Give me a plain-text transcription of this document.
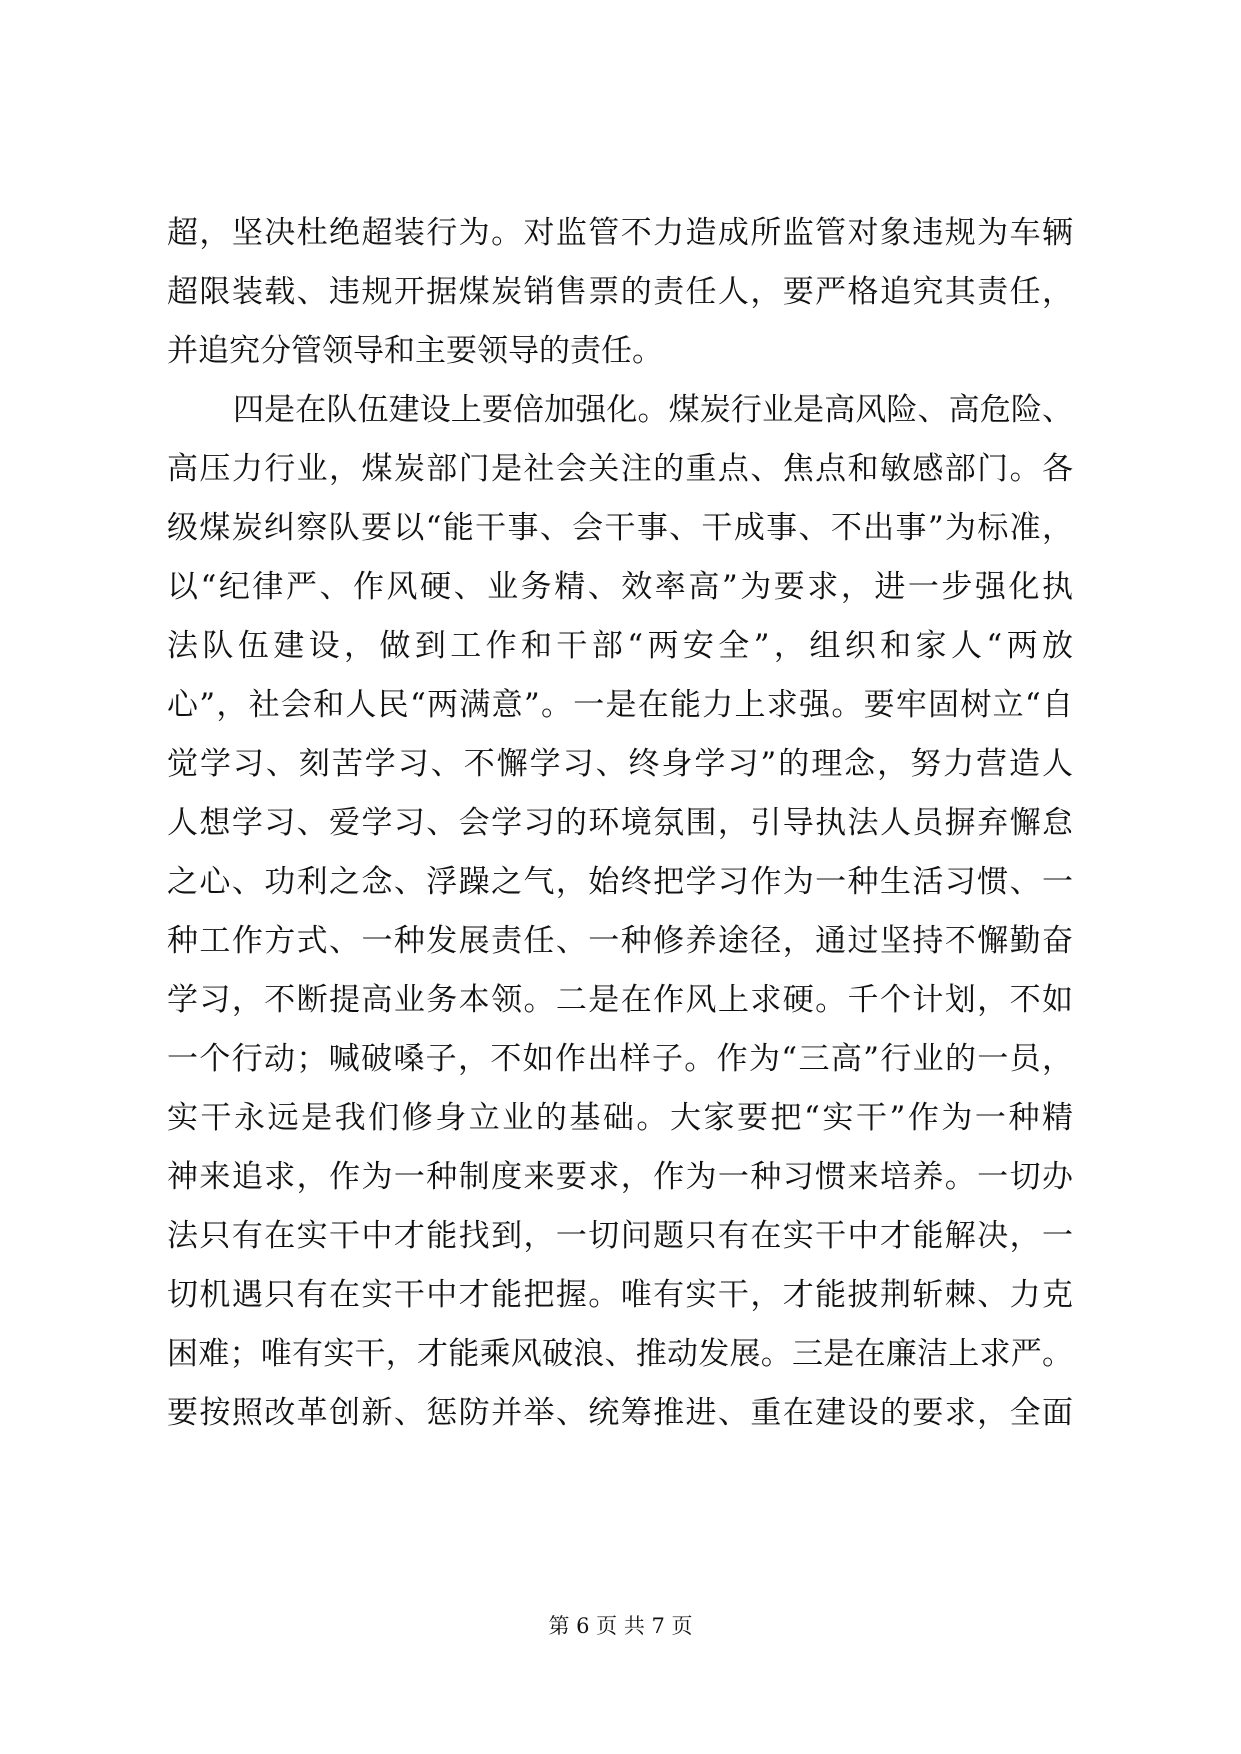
超，坚决杜绝超装行为。对监管不力造成所监管对象违规为车辆
超限装载、违规开据煤炭销售票的责任人，要严格追究其责任，
并追究分管领导和主要领导的责任。
四是在队伍建设上要倍加强化。煤炭行业是高风险、高危险、
高压力行业，煤炭部门是社会关注的重点、焦点和敏感部门。各
级煤炭纠察队要以“能干事、会干事、干成事、不出事”为标准，
以“纪律严、作风硬、业务精、效率高”为要求，进一步强化执
法队伍建设，做到工作和干部“两安全”，组织和家人“两放
心”，社会和人民“两满意”。一是在能力上求强。要牢固树立“自
觉学习、刻苦学习、不懈学习、终身学习”的理念，努力营造人
人想学习、爱学习、会学习的环境氛围，引导执法人员摒弃懈怠
之心、功利之念、浮躁之气，始终把学习作为一种生活习惯、一
种工作方式、一种发展责任、一种修养途径，通过坚持不懈勤奋
学习，不断提高业务本领。二是在作风上求硬。千个计划，不如
一个行动；喊破嗓子，不如作出样子。作为“三高”行业的一员，
实干永远是我们修身立业的基础。大家要把“实干”作为一种精
神来追求，作为一种制度来要求，作为一种习惯来培养。一切办
法只有在实干中才能找到，一切问题只有在实干中才能解决，一
切机遇只有在实干中才能把握。唯有实干，才能披荆斩棘、力克
困难；唯有实干，才能乘风破浪、推动发展。三是在廉洁上求严。
要按照改革创新、惩防并举、统筹推进、重在建设的要求，全面
第 6 页 共 7 页
